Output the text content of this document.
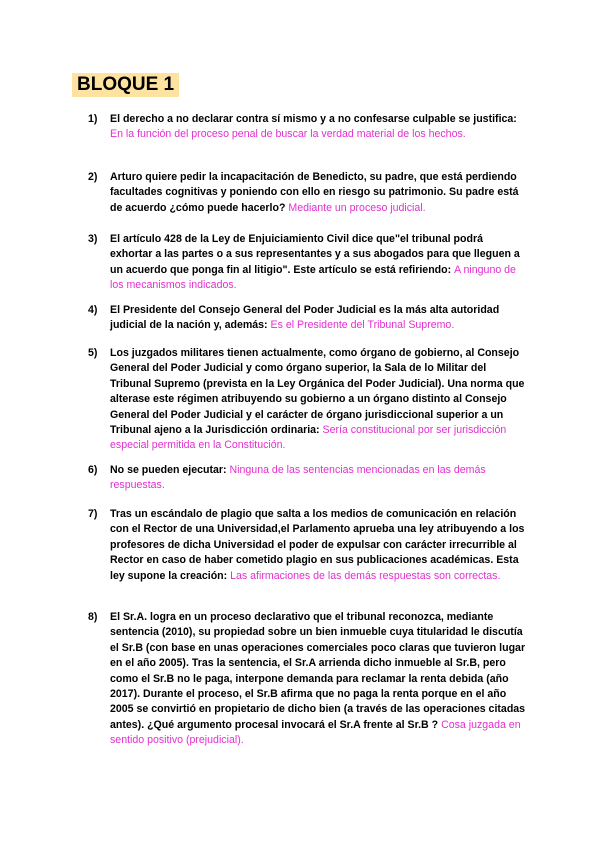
BLOQUE 1
1)	El derecho a no declarar contra sí mismo y a no confesarse culpable se justifica: En la función del proceso penal de buscar la verdad material de los hechos.
2)	Arturo quiere pedir la incapacitación de Benedicto, su padre, que está perdiendo facultades cognitivas y poniendo con ello en riesgo su patrimonio. Su padre está de acuerdo ¿cómo puede hacerlo? Mediante un proceso judicial.
3)	El artículo 428 de la Ley de Enjuiciamiento Civil dice que"el tribunal podrá exhortar a las partes o a sus representantes y a sus abogados para que lleguen a un acuerdo que ponga fin al litigio". Este artículo se está refiriendo: A ninguno de los mecanismos indicados.
4)	El Presidente del Consejo General del Poder Judicial es la más alta autoridad judicial de la nación y, además: Es el Presidente del Tribunal Supremo.
5)	Los juzgados militares tienen actualmente, como órgano de gobierno, al Consejo General del Poder Judicial y como órgano superior, la Sala de lo Militar del Tribunal Supremo (prevista en la Ley Orgánica del Poder Judicial). Una norma que alterase este régimen atribuyendo su gobierno a un órgano distinto al Consejo General del Poder Judicial y el carácter de órgano jurisdiccional superior a un Tribunal ajeno a la Jurisdicción ordinaria: Sería constitucional por ser jurisdicción especial permitida en la Constitución.
6)	No se pueden ejecutar: Ninguna de las sentencias mencionadas en las demás respuestas.
7)	Tras un escándalo de plagio que salta a los medios de comunicación en relación con el Rector de una Universidad,el Parlamento aprueba una ley atribuyendo a los profesores de dicha Universidad el poder de expulsar con carácter irrecurrible al Rector en caso de haber cometido plagio en sus publicaciones académicas. Esta ley supone la creación: Las afirmaciones de las demás respuestas son correctas.
8)	El Sr.A. logra en un proceso declarativo que el tribunal reconozca, mediante sentencia (2010), su propiedad sobre un bien inmueble cuya titularidad le discutía el Sr.B (con base en unas operaciones comerciales poco claras que tuvieron lugar en el año 2005). Tras la sentencia, el Sr.A arrienda dicho inmueble al Sr.B, pero como el Sr.B no le paga, interpone demanda para reclamar la renta debida (año 2017). Durante el proceso, el Sr.B afirma que no paga la renta porque en el año 2005 se convirtió en propietario de dicho bien (a través de las operaciones citadas antes). ¿Qué argumento procesal invocará el Sr.A frente al Sr.B ? Cosa juzgada en sentido positivo (prejudicial).
